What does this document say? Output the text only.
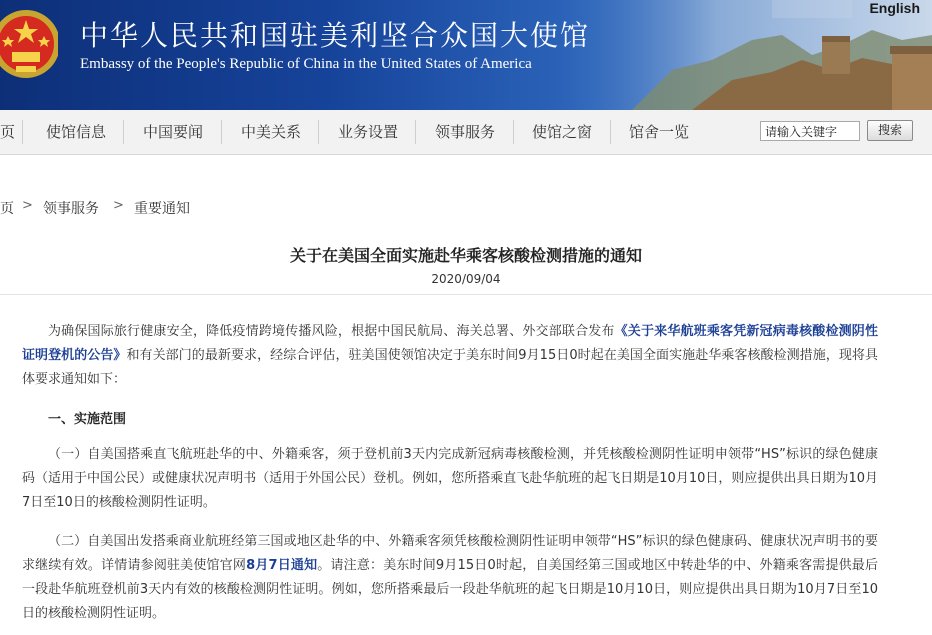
中华人民共和国驻美利坚合众国大使馆
Embassy of the People's Republic of China in the United States of America
English
页 使馆信息 中国要闻	中美关系 业务设置 领事服务 使馆之窗 馆舍一览	请输入关键字	搜索
页 > 领事服务 > 重要通知
关于在美国全面实施赴华乘客核酸检测措施的通知
2020/09/04
为确保国际旅行健康安全，降低疫情跨境传播风险，根据中国民航局、海关总署、外交部联合发布《关于来华航班乘客凭新冠病毒核酸检测阴性证明登机的公告》和有关部门的最新要求，经综合评估，驻美国使领馆决定于美东时间9月15日0时起在美国全面实施赴华乘客核酸检测措施，现将具体要求通知如下：
一、实施范围
（一）自美国搭乘直飞航班赴华的中、外籍乘客，须于登机前3天内完成新冠病毒核酸检测，并凭核酸检测阴性证明申领带“HS”标识的绿色健康码（适用于中国公民）或健康状况声明书（适用于外国公民）登机。例如，您所搭乘直飞赴华航班的起飞日期是10月10日，则应提供出具日期为10月7日至10日的核酸检测阴性证明。
（二）自美国出发搭乘商业航班经第三国或地区赴华的中、外籍乘客须凭核酸检测阴性证明申领带“HS”标识的绿色健康码、健康状况声明书的要求继续有效。详情请参阅驻美使馆官网8月7日通知。请注意：美东时间9月15日0时起，自美国经第三国或地区中转赴华的中、外籍乘客需提供最后一段赴华航班登机前3天内有效的核酸检测阴性证明。例如，您所搭乘最后一段赴华航班的起飞日期是10月10日，则应提供出具日期为10月7日至10日的核酸检测阴性证明。
